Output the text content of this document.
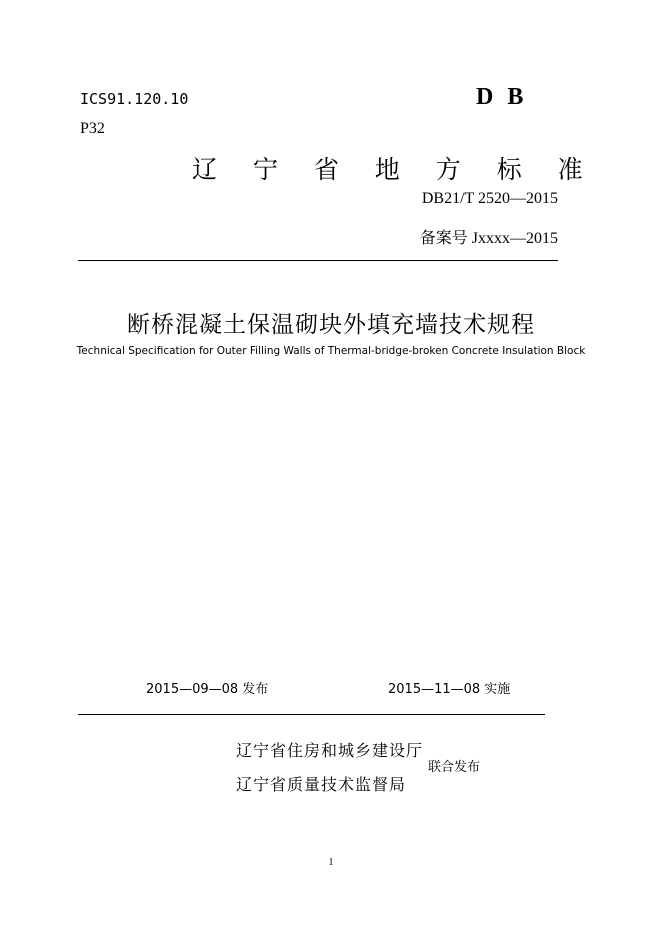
ICS91.120.10	D B
P32
辽 宁 省 地 方 标 准
DB21/T 2520—2015
备案号 Jxxxx—2015
断桥混凝土保温砌块外填充墙技术规程
Technical Specification for Outer Filling Walls of Thermal-bridge-broken Concrete Insulation Block
2015—09—08 发布	2015—11—08 实施
辽宁省住房和城乡建设厅
辽宁省质量技术监督局
联合发布
1
